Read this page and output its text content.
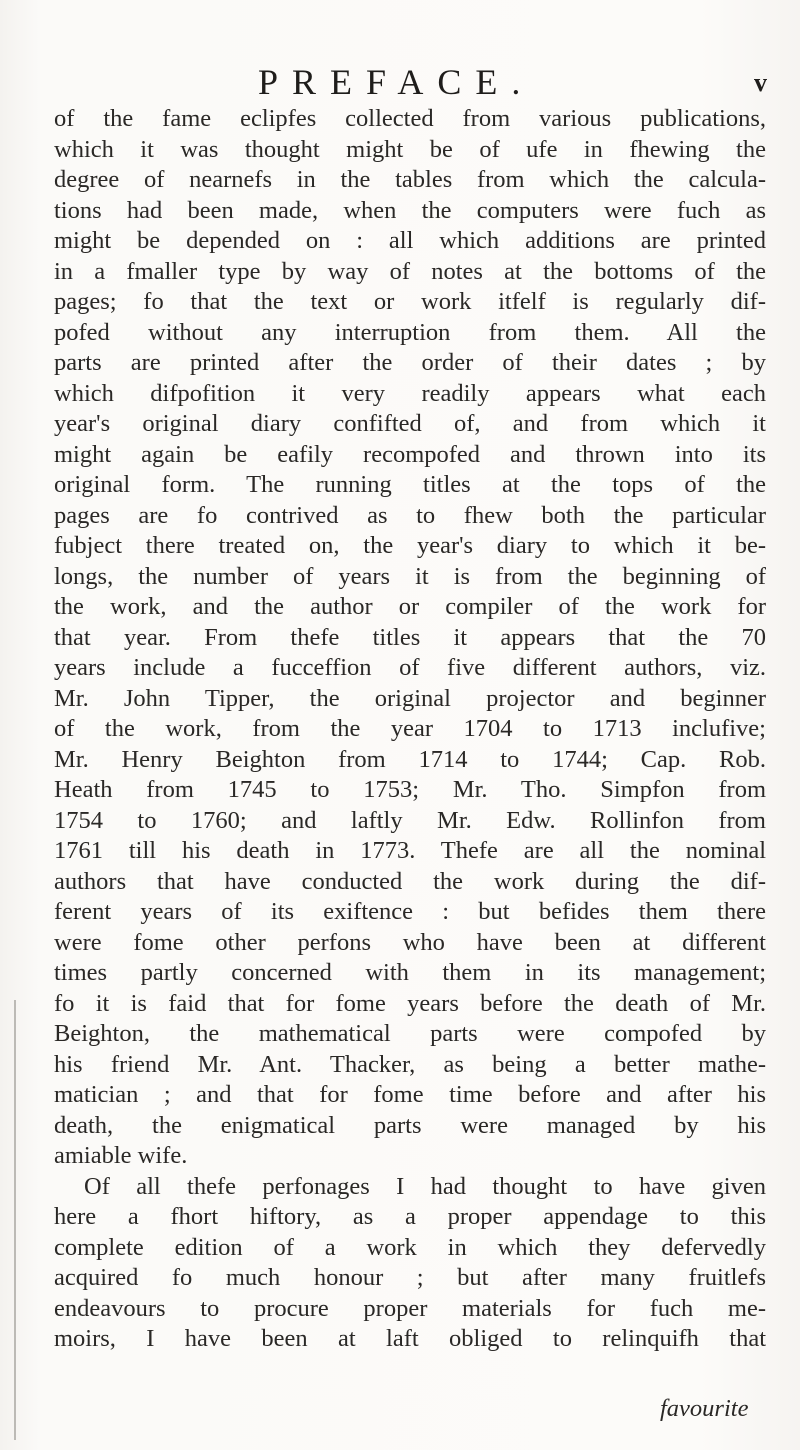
PREFACE.	v
of the fame eclipfes collected from various publications,
which it was thought might be of ufe in fhewing the
degree of nearnefs in the tables from which the calcula-
tions had been made, when the computers were fuch as
might be depended on : all which additions are printed
in a fmaller type by way of notes at the bottoms of the
pages; fo that the text or work itfelf is regularly dif-
pofed without any interruption from them. All the
parts are printed after the order of their dates ; by
which difpofition it very readily appears what each
year's original diary confifted of, and from which it
might again be eafily recompofed and thrown into its
original form. The running titles at the tops of the
pages are fo contrived as to fhew both the particular
fubject there treated on, the year's diary to which it be-
longs, the number of years it is from the beginning of
the work, and the author or compiler of the work for
that year. From thefe titles it appears that the 70
years include a fucceffion of five different authors, viz.
Mr. John Tipper, the original projector and beginner
of the work, from the year 1704 to 1713 inclufive;
Mr. Henry Beighton from 1714 to 1744; Cap. Rob.
Heath from 1745 to 1753; Mr. Tho. Simpfon from
1754 to 1760; and laftly Mr. Edw. Rollinfon from
1761 till his death in 1773. Thefe are all the nominal
authors that have conducted the work during the dif-
ferent years of its exiftence : but befides them there
were fome other perfons who have been at different
times partly concerned with them in its management;
fo it is faid that for fome years before the death of Mr.
Beighton, the mathematical parts were compofed by
his friend Mr. Ant. Thacker, as being a better mathe-
matician ; and that for fome time before and after his
death, the enigmatical parts were managed by his
amiable wife.
Of all thefe perfonages I had thought to have given
here a fhort hiftory, as a proper appendage to this
complete edition of a work in which they defervedly
acquired fo much honour ; but after many fruitlefs
endeavours to procure proper materials for fuch me-
moirs, I have been at laft obliged to relinquifh that
favourite
